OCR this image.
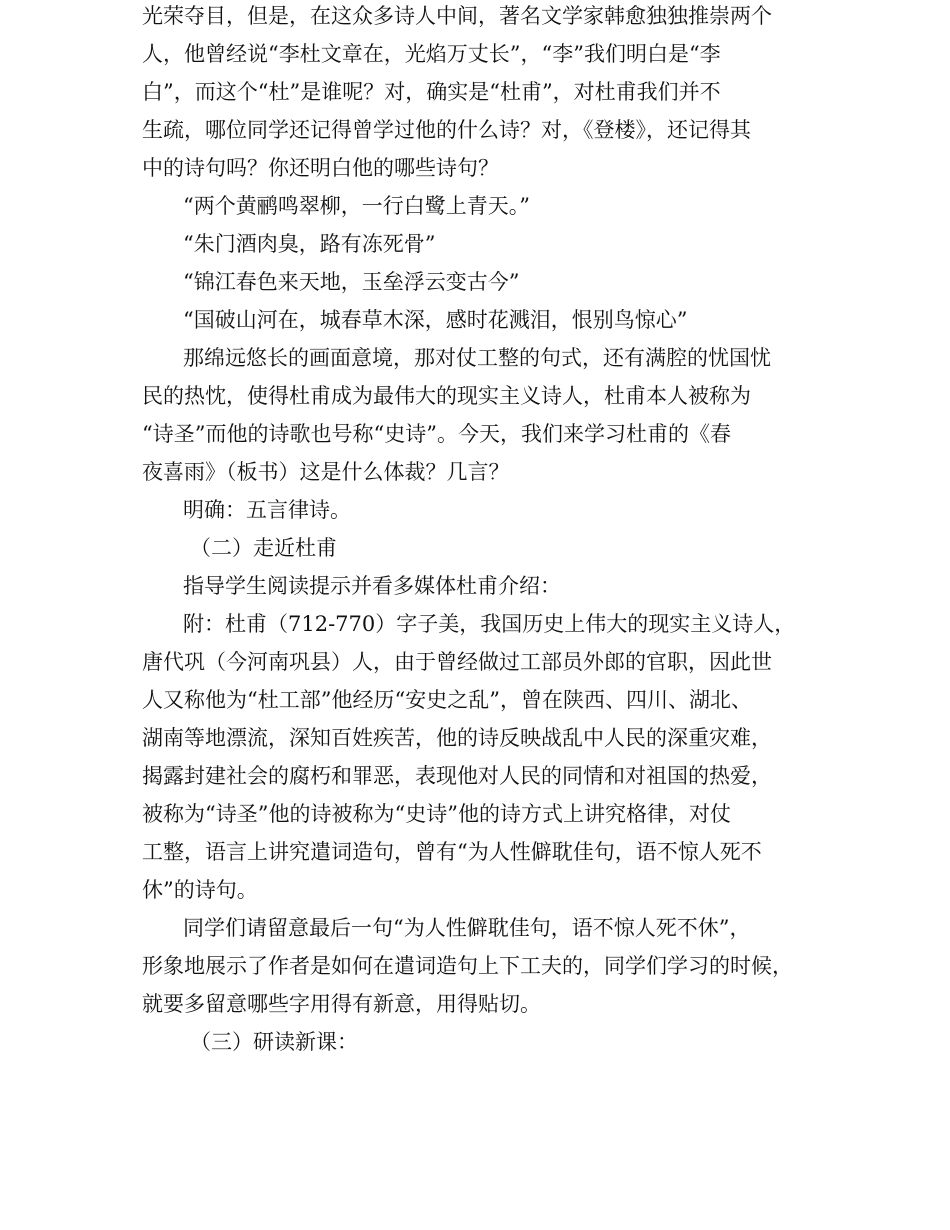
光荣夺目，但是，在这众多诗人中间，著名文学家韩愈独独推崇两个
人，他曾经说“李杜文章在，光焰万丈长”，“李”我们明白是“李
白”，而这个“杜”是谁呢？对，确实是“杜甫”，对杜甫我们并不
生疏，哪位同学还记得曾学过他的什么诗？对，《登楼》，还记得其
中的诗句吗？你还明白他的哪些诗句？
“两个黄鹂鸣翠柳，一行白鹭上青天。”
“朱门酒肉臭，路有冻死骨”
“锦江春色来天地，玉垒浮云变古今”
“国破山河在，城春草木深，感时花溅泪，恨别鸟惊心”
那绵远悠长的画面意境，那对仗工整的句式，还有满腔的忧国忧
民的热忱，使得杜甫成为最伟大的现实主义诗人，杜甫本人被称为
“诗圣”而他的诗歌也号称“史诗”。今天，我们来学习杜甫的《春
夜喜雨》（板书）这是什么体裁？几言？
明确：五言律诗。
（二）走近杜甫
指导学生阅读提示并看多媒体杜甫介绍：
附：杜甫（712-770）字子美，我国历史上伟大的现实主义诗人，
唐代巩（今河南巩县）人，由于曾经做过工部员外郎的官职，因此世
人又称他为“杜工部”他经历“安史之乱”，曾在陕西、四川、湖北、
湖南等地漂流，深知百姓疾苦，他的诗反映战乱中人民的深重灾难，
揭露封建社会的腐朽和罪恶，表现他对人民的同情和对祖国的热爱，
被称为“诗圣”他的诗被称为“史诗”他的诗方式上讲究格律，对仗
工整，语言上讲究遣词造句，曾有“为人性僻耽佳句，语不惊人死不
休”的诗句。
同学们请留意最后一句“为人性僻耽佳句，语不惊人死不休”，
形象地展示了作者是如何在遣词造句上下工夫的，同学们学习的时候，
就要多留意哪些字用得有新意，用得贴切。
（三）研读新课：
